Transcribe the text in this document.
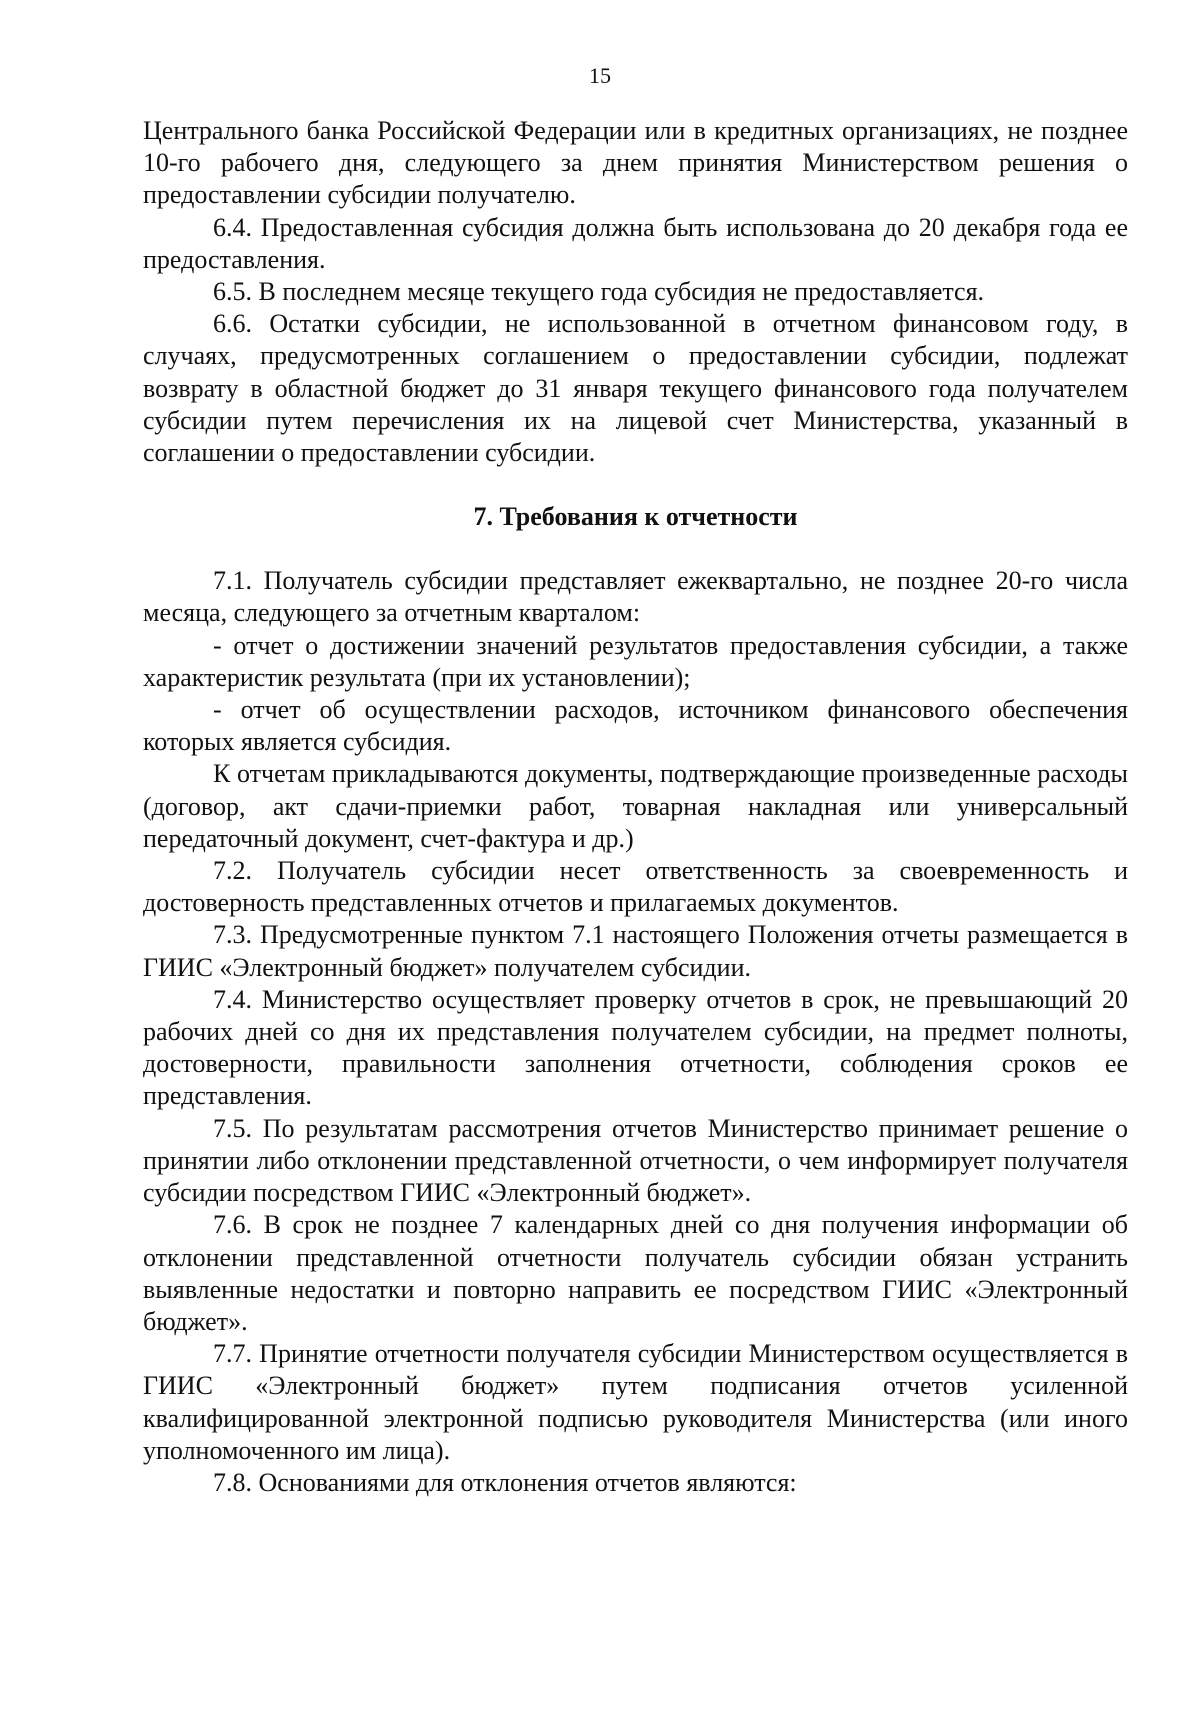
15

Центрального банка Российской Федерации или в кредитных организациях, не позднее 10-го рабочего дня, следующего за днем принятия Министерством решения о предоставлении субсидии получателю.

6.4. Предоставленная субсидия должна быть использована до 20 декабря года ее предоставления.

6.5. В последнем месяце текущего года субсидия не предоставляется.

6.6. Остатки субсидии, не использованной в отчетном финансовом году, в случаях, предусмотренных соглашением о предоставлении субсидии, подлежат возврату в областной бюджет до 31 января текущего финансового года получателем субсидии путем перечисления их на лицевой счет Министерства, указанный в соглашении о предоставлении субсидии.

7. Требования к отчетности

7.1. Получатель субсидии представляет ежеквартально, не позднее 20-го числа месяца, следующего за отчетным кварталом:

- отчет о достижении значений результатов предоставления субсидии, а также характеристик результата (при их установлении);

- отчет об осуществлении расходов, источником финансового обеспечения которых является субсидия.

К отчетам прикладываются документы, подтверждающие произведенные расходы (договор, акт сдачи-приемки работ, товарная накладная или универсальный передаточный документ, счет-фактура и др.)

7.2. Получатель субсидии несет ответственность за своевременность и достоверность представленных отчетов и прилагаемых документов.

7.3. Предусмотренные пунктом 7.1 настоящего Положения отчеты размещается в ГИИС «Электронный бюджет» получателем субсидии.

7.4. Министерство осуществляет проверку отчетов в срок, не превышающий 20 рабочих дней со дня их представления получателем субсидии, на предмет полноты, достоверности, правильности заполнения отчетности, соблюдения сроков ее представления.

7.5. По результатам рассмотрения отчетов Министерство принимает решение о принятии либо отклонении представленной отчетности, о чем информирует получателя субсидии посредством ГИИС «Электронный бюджет».

7.6. В срок не позднее 7 календарных дней со дня получения информации об отклонении представленной отчетности получатель субсидии обязан устранить выявленные недостатки и повторно направить ее посредством ГИИС «Электронный бюджет».

7.7. Принятие отчетности получателя субсидии Министерством осуществляется в ГИИС «Электронный бюджет» путем подписания отчетов усиленной квалифицированной электронной подписью руководителя Министерства (или иного уполномоченного им лица).

7.8. Основаниями для отклонения отчетов являются:
